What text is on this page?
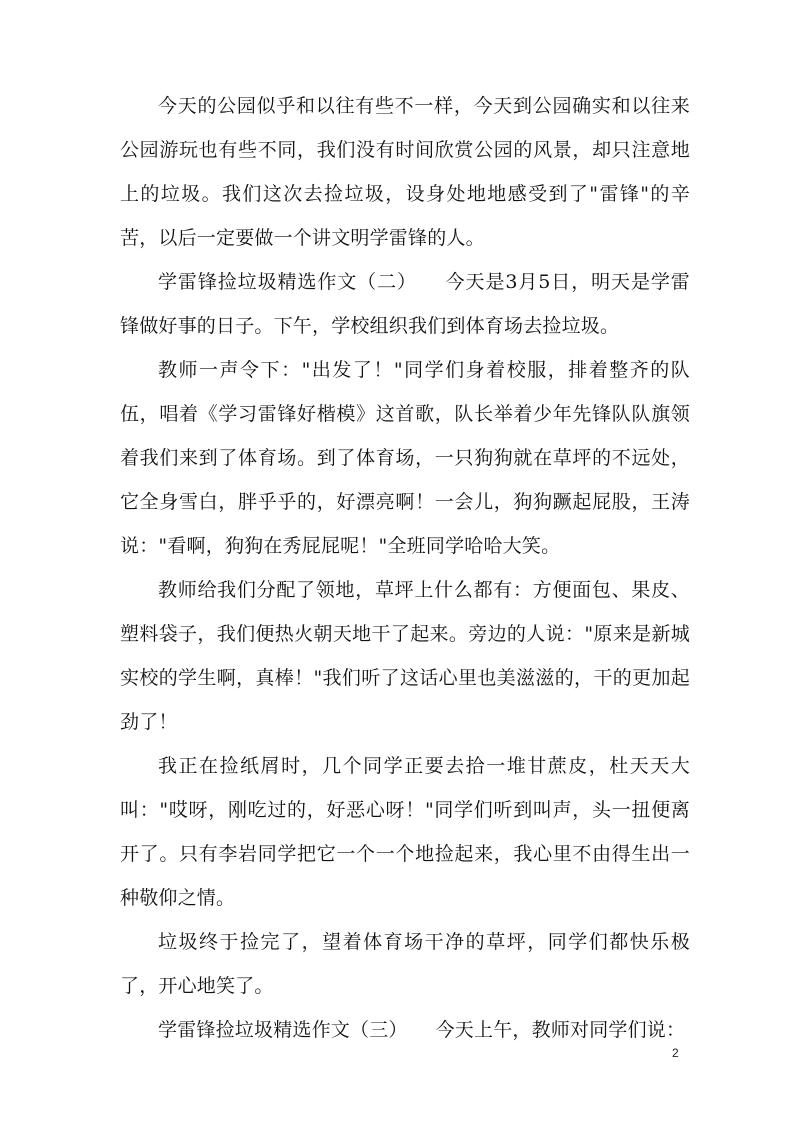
今天的公园似乎和以往有些不一样，今天到公园确实和以往来公园游玩也有些不同，我们没有时间欣赏公园的风景，却只注意地上的垃圾。我们这次去捡垃圾，设身处地地感受到了"雷锋"的辛苦，以后一定要做一个讲文明学雷锋的人。

学雷锋捡垃圾精选作文（二） 今天是3月5日，明天是学雷锋做好事的日子。下午，学校组织我们到体育场去捡垃圾。

教师一声令下："出发了！"同学们身着校服，排着整齐的队伍，唱着《学习雷锋好楷模》这首歌，队长举着少年先锋队队旗领着我们来到了体育场。到了体育场，一只狗狗就在草坪的不远处，它全身雪白，胖乎乎的，好漂亮啊！一会儿，狗狗蹶起屁股，王涛说："看啊，狗狗在秀屁屁呢！"全班同学哈哈大笑。

教师给我们分配了领地，草坪上什么都有：方便面包、果皮、塑料袋子，我们便热火朝天地干了起来。旁边的人说："原来是新城实校的学生啊，真棒！"我们听了这话心里也美滋滋的，干的更加起劲了！

我正在捡纸屑时，几个同学正要去拾一堆甘蔗皮，杜天天大叫："哎呀，刚吃过的，好恶心呀！"同学们听到叫声，头一扭便离开了。只有李岩同学把它一个一个地捡起来，我心里不由得生出一种敬仰之情。

垃圾终于捡完了，望着体育场干净的草坪，同学们都快乐极了，开心地笑了。

学雷锋捡垃圾精选作文（三） 今天上午，教师对同学们说：

2
